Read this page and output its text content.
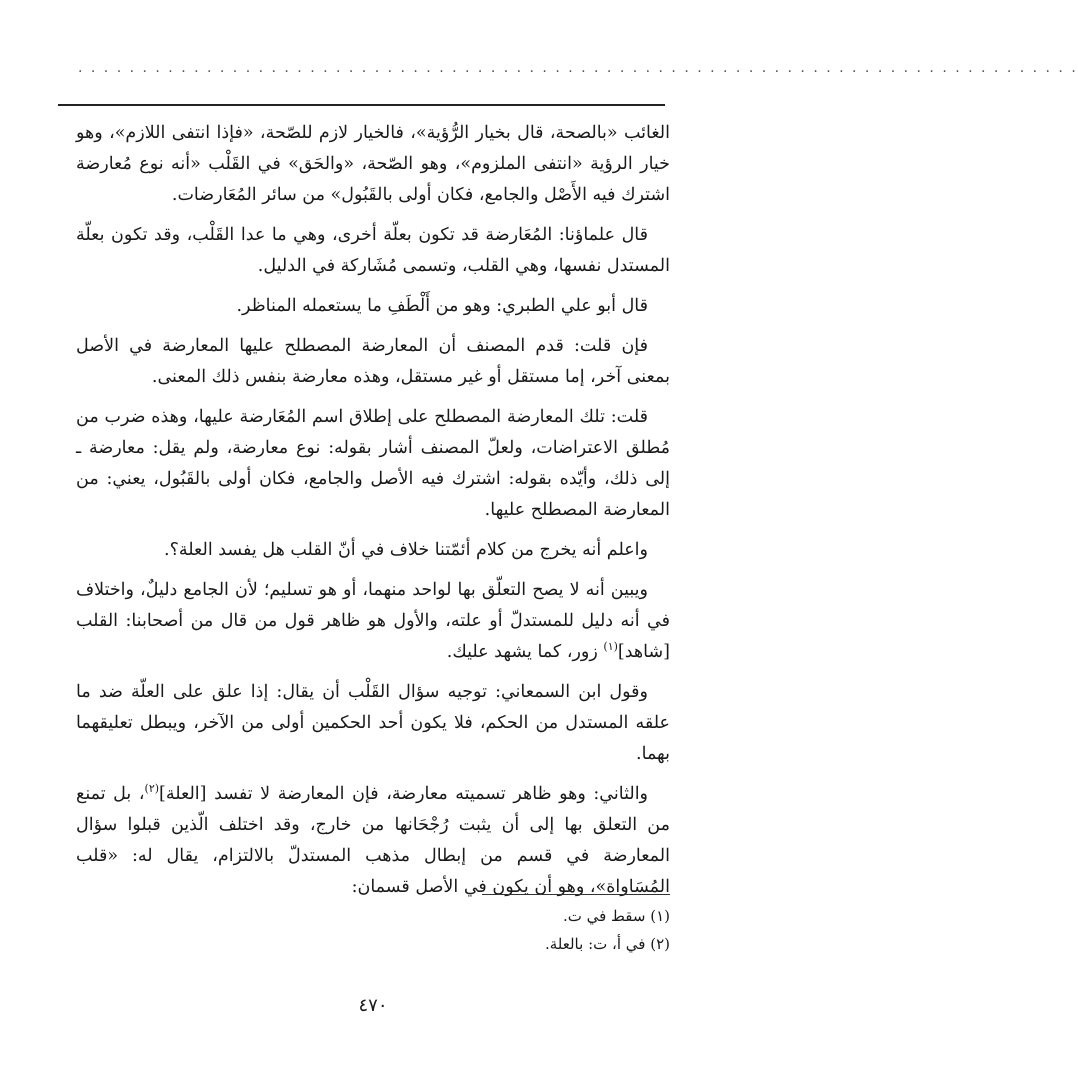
. . . . . . . . . . . . . . . . . . . . . . . . . . . . . . . . . . . . . . . . . . . . . . . . . . . . . . . . . . . . . . . . . . . . . . . . . . . . . .

الغائب «بالصحة، قال بخيار الرُّؤية»، فالخيار لازم للصّحة، «فإذا انتفى اللازم»، وهو خيار الرؤية «انتفى الملزوم»، وهو الصّحة، «والحَق» في القَلْب «أنه نوع مُعارضة اشترك فيه الأَصْل والجامع، فكان أولى بالقَبُول» من سائر المُعَارضات.

قال علماؤنا: المُعَارضة قد تكون بعلّة أخرى، وهي ما عدا القَلْب، وقد تكون بعلّة المستدل نفسها، وهي القلب، وتسمى مُشَاركة في الدليل.

قال أبو علي الطبري: وهو من أَلْطَفِ ما يستعمله المناظر.

فإن قلت: قدم المصنف أن المعارضة المصطلح عليها المعارضة في الأصل بمعنى آخر، إما مستقل أو غير مستقل، وهذه معارضة بنفس ذلك المعنى.

قلت: تلك المعارضة المصطلح على إطلاق اسم المُعَارضة عليها، وهذه ضرب من مُطلق الاعتراضات، ولعلّ المصنف أشار بقوله: نوع معارضة، ولم يقل: معارضة ـ إلى ذلك، وأيّده بقوله: اشترك فيه الأصل والجامع، فكان أولى بالقَبُول، يعني: من المعارضة المصطلح عليها.

واعلم أنه يخرج من كلام أئمّتنا خلاف في أنّ القلب هل يفسد العلة؟.

ويبين أنه لا يصح التعلّق بها لواحد منهما، أو هو تسليم؛ لأن الجامع دليلٌ، واختلاف في أنه دليل للمستدلّ أو علته، والأول هو ظاهر قول من قال من أصحابنا: القلب [شاهد]$^{(١)}$ زور، كما يشهد عليك.

وقول ابن السمعاني: توجيه سؤال القَلْب أن يقال: إذا علق على العلّة ضد ما علقه المستدل من الحكم، فلا يكون أحد الحكمين أولى من الآخر، ويبطل تعليقهما بهما.

والثاني: وهو ظاهر تسميته معارضة، فإن المعارضة لا تفسد [العلة]$^{(٢)}$، بل تمنع من التعلق بها إلى أن يثبت رُجْحَانها من خارج، وقد اختلف الّذين قبلوا سؤال المعارضة في قسم من إبطال مذهب المستدلّ بالالتزام، يقال له: «قلب المُسَاواة»، وهو أن يكون في الأصل قسمان:

(١) سقط في ت.
(٢) في أ، ت: بالعلة.
٤٧٠
